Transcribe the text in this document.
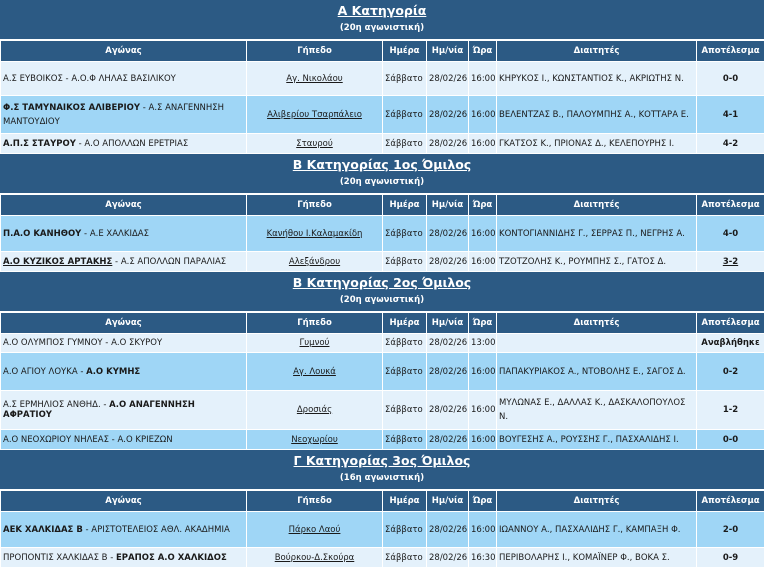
Α Κατηγορία
(20η αγωνιστική)
Αγώνας	Γήπεδο	Ημέρα	Ημ/νία	Ώρα	Διαιτητές	Αποτέλεσμα
Α.Σ ΕΥΒΟΙΚΟΣ - Α.Ο.Φ ΛΗΛΑΣ ΒΑΣΙΛΙΚΟΥ	Αγ. Νικολάου	Σάββατο	28/02/26	16:00	ΚΗΡΥΚΟΣ Ι., ΚΩΝΣΤΑΝΤΙΟΣ Κ., ΑΚΡΙΩΤΗΣ Ν.	0-0
Φ.Σ ΤΑΜΥΝΑΙΚΟΣ ΑΛΙΒΕΡΙΟΥ - Α.Σ ΑΝΑΓΕΝΝΗΣΗ ΜΑΝΤΟΥΔΙΟΥ	Αλιβερίου Τσαρπάλειο	Σάββατο	28/02/26	16:00	ΒΕΛΕΝΤΖΑΣ Β., ΠΑΛΟΥΜΠΗΣ Α., ΚΟΤΤΑΡΑ Ε.	4-1
Α.Π.Σ ΣΤΑΥΡΟΥ - Α.Ο ΑΠΟΛΛΩΝ ΕΡΕΤΡΙΑΣ	Σταυρού	Σάββατο	28/02/26	16:00	ΓΚΑΤΣΟΣ Κ., ΠΡΙΟΝΑΣ Δ., ΚΕΛΕΠΟΥΡΗΣ Ι.	4-2
Β Κατηγορίας 1ος Όμιλος
(20η αγωνιστική)
Αγώνας	Γήπεδο	Ημέρα	Ημ/νία	Ώρα	Διαιτητές	Αποτέλεσμα
Π.Α.Ο ΚΑΝΗΘΟΥ - Α.Ε ΧΑΛΚΙΔΑΣ	Κανήθου Ι.Καλαμακίδη	Σάββατο	28/02/26	16:00	ΚΟΝΤΟΓΙΑΝΝΙΔΗΣ Γ., ΣΕΡΡΑΣ Π., ΝΕΓΡΗΣ Α.	4-0
Α.Ο ΚΥΖΙΚΟΣ ΑΡΤΑΚΗΣ - Α.Σ ΑΠΟΛΛΩΝ ΠΑΡΑΛΙΑΣ	Αλεξάνδρου	Σάββατο	28/02/26	16:00	ΤΖΟΤΖΟΛΗΣ Κ., ΡΟΥΜΠΗΣ Σ., ΓΑΤΟΣ Δ.	3-2
Β Κατηγορίας 2ος Όμιλος
(20η αγωνιστική)
Αγώνας	Γήπεδο	Ημέρα	Ημ/νία	Ώρα	Διαιτητές	Αποτέλεσμα
Α.Ο ΟΛΥΜΠΟΣ ΓΥΜΝΟΥ - Α.Ο ΣΚΥΡΟΥ	Γυμνού	Σάββατο	28/02/26	13:00		Αναβλήθηκε
Α.Ο ΑΓΙΟΥ ΛΟΥΚΑ - Α.Ο ΚΥΜΗΣ	Αγ. Λουκά	Σάββατο	28/02/26	16:00	ΠΑΠΑΚΥΡΙΑΚΟΣ Α., ΝΤΟΒΟΛΗΣ Ε., ΣΑΓΟΣ Δ.	0-2
Α.Σ ΕΡΜΗΛΙΟΣ ΑΝΘΗΔ. - Α.Ο ΑΝΑΓΕΝΝΗΣΗ ΑΦΡΑΤΙΟΥ	Δροσιάς	Σάββατο	28/02/26	16:00	ΜΥΛΩΝΑΣ Ε., ΔΑΛΛΑΣ Κ., ΔΑΣΚΑΛΟΠΟΥΛΟΣ Ν.	1-2
Α.Ο ΝΕΟΧΩΡΙΟΥ ΝΗΛΕΑΣ - Α.Ο ΚΡΙΕΖΩΝ	Νεοχωρίου	Σάββατο	28/02/26	16:00	ΒΟΥΓΕΣΗΣ Α., ΡΟΥΣΣΗΣ Γ., ΠΑΣΧΑΛΙΔΗΣ Ι.	0-0
Γ Κατηγορίας 3ος Όμιλος
(16η αγωνιστική)
Αγώνας	Γήπεδο	Ημέρα	Ημ/νία	Ώρα	Διαιτητές	Αποτέλεσμα
ΑΕΚ ΧΑΛΚΙΔΑΣ Β - ΑΡΙΣΤΟΤΕΛΕΙΟΣ ΑΘΛ. ΑΚΑΔΗΜΙΑ	Πάρκο Λαού	Σάββατο	28/02/26	16:00	ΙΩΑΝΝΟΥ Α., ΠΑΣΧΑΛΙΔΗΣ Γ., ΚΑΜΠΑΞΗ Φ.	2-0
ΠΡΟΠΟΝΤΙΣ ΧΑΛΚΙΔΑΣ Β - ΕΡΑΠΟΣ Α.Ο ΧΑΛΚΙΔΟΣ	Βούρκου-Δ.Σκούρα	Σάββατο	28/02/26	16:30	ΠΕΡΙΒΟΛΑΡΗΣ Ι., ΚΟΜΑΪΝΕΡ Φ., ΒΟΚΑ Σ.	0-9
